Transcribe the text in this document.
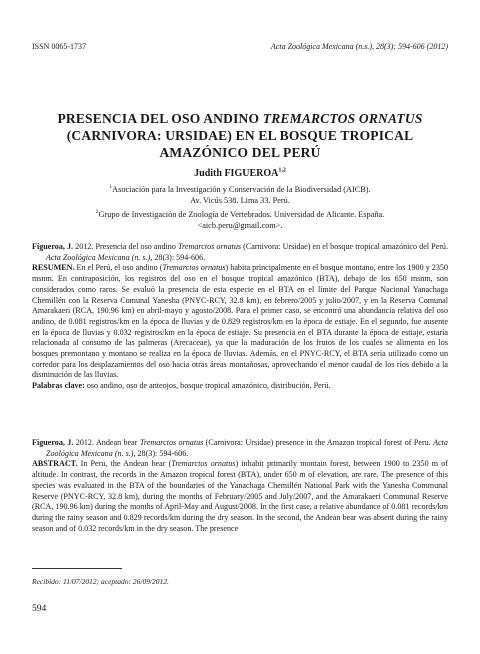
ISSN 0065-1737	Acta Zoológica Mexicana (n.s.), 28(3): 594-606 (2012)
PRESENCIA DEL OSO ANDINO TREMARCTOS ORNATUS
(CARNIVORA: URSIDAE) EN EL BOSQUE TROPICAL
AMAZÓNICO DEL PERÚ
Judith FIGUEROA$^{1,2}$
$^1$Asociación para la Investigación y Conservación de la Biodiversidad (AICB).
Av. Vicús 538. Lima 33. Perú.
$^2$Grupo de Investigación de Zoología de Vertebrados. Universidad de Alicante. España.
<aicb.peru@gmail.com>.

Figueroa, J. 2012. Presencia del oso andino Tremarctos ornatus (Carnivora: Ursidae) en el bosque tropical amazónico del Perú. Acta Zoológica Mexicana (n. s.), 28(3): 594-606.

RESUMEN. En el Perú, el oso andino (Tremarctos ornatus) habita principalmente en el bosque montano, entre los 1900 y 2350 msnm. En contraposición, los registros del oso en el bosque tropical amazónico (BTA), debajo de los 650 msnm, son considerados como raros. Se evaluó la presencia de esta especie en el BTA en el límite del Parque Nacional Yanachaga Chemillén con la Reserva Comunal Yanesha (PNYC-RCY, 32.8 km), en febrero/2005 y julio/2007, y en la Reserva Comunal Amarakaeri (RCA, 190.96 km) en abril-mayo y agosto/2008. Para el primer caso, se encontró una abundancia relativa del oso andino, de 0.081 registros/km en la época de lluvias y de 0.829 registros/km en la época de estiaje. En el segundo, fue ausente en la época de lluvias y 0.032 registros/km en la época de estiaje. Su presencia en el BTA durante la época de estiaje, estaría relacionada al consumo de las palmeras (Arecaceae), ya que la maduración de los frutos de los cuales se alimenta en los bosques premontano y montano se realiza en la época de lluvias. Además, en el PNYC-RCY, el BTA sería utilizado como un corredor para los desplazamientos del oso hacia otras áreas montañosas, aprovechando el menor caudal de los ríos debido a la disminución de las lluvias.

Palabras clave: oso andino, oso de anteojos, bosque tropical amazónico, distribución, Perú.

Figueroa, J. 2012. Andean bear Tremarctos ornatus (Carnivora: Ursidae) presence in the Amazon tropical forest of Peru. Acta Zoológica Mexicana (n. s.), 28(3): 594-606.

ABSTRACT. In Peru, the Andean bear (Tremarctos ornatus) inhabit primarily montain forest, between 1900 to 2350 m of altitude. In contrast, the records in the Amazon tropical forest (BTA), under 650 m of elevation, are rare. The presence of this species was evaluated in the BTA of the boundaries of the Yanachaga Chemillén National Park with the Yanesha Communal Reserve (PNYC-RCY, 32.8 km), during the months of February/2005 and July/2007, and the Amarakaeri Communal Reserve (RCA, 190.96 km) during the months of April-May and August/2008. In the first case, a relative abundance of 0.081 records/km during the rainy season and 0.829 records/km during the dry season. In the second, the Andean bear was absent during the rainy season and of 0.032 records/km in the dry season. The presence

Recibido: 11/07/2012; aceptado: 26/09/2012.
594
